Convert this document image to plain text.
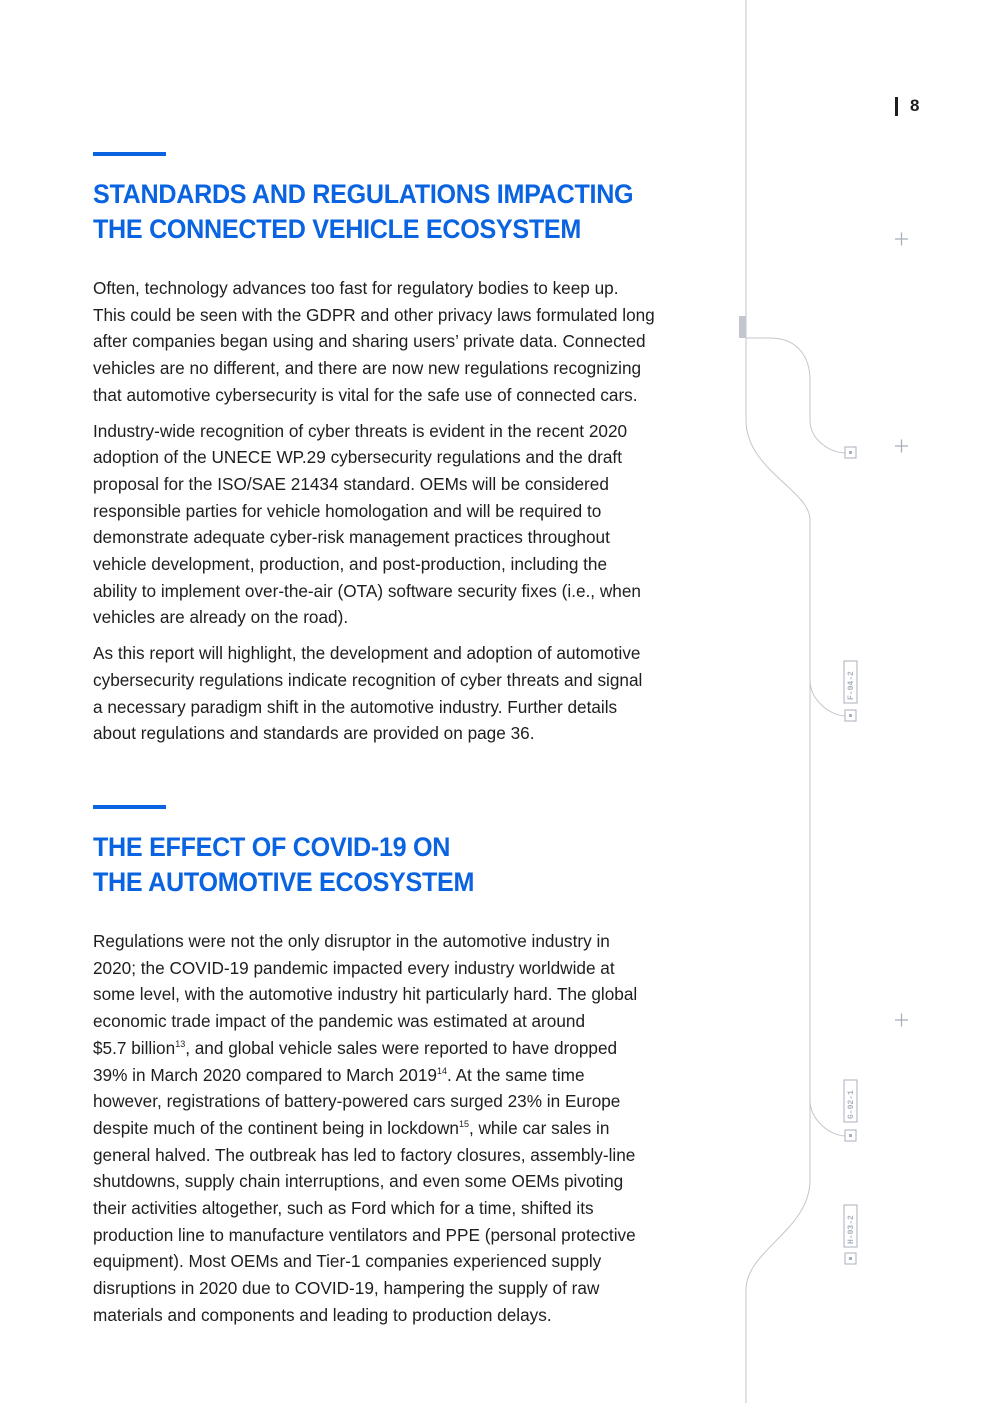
F-04-2
G-02-1
H-03-2
8
STANDARDS AND REGULATIONS IMPACTING
THE CONNECTED VEHICLE ECOSYSTEM

Often, technology advances too fast for regulatory bodies to keep up.
This could be seen with the GDPR and other privacy laws formulated long
after companies began using and sharing users’ private data. Connected
vehicles are no different, and there are now new regulations recognizing
that automotive cybersecurity is vital for the safe use of connected cars.

Industry-wide recognition of cyber threats is evident in the recent 2020
adoption of the UNECE WP.29 cybersecurity regulations and the draft
proposal for the ISO/SAE 21434 standard. OEMs will be considered
responsible parties for vehicle homologation and will be required to
demonstrate adequate cyber-risk management practices throughout
vehicle development, production, and post-production, including the
ability to implement over-the-air (OTA) software security fixes (i.e., when
vehicles are already on the road).

As this report will highlight, the development and adoption of automotive
cybersecurity regulations indicate recognition of cyber threats and signal
a necessary paradigm shift in the automotive industry. Further details
about regulations and standards are provided on page 36.

THE EFFECT OF COVID-19 ON
THE AUTOMOTIVE ECOSYSTEM

Regulations were not the only disruptor in the automotive industry in
2020; the COVID-19 pandemic impacted every industry worldwide at
some level, with the automotive industry hit particularly hard. The global
economic trade impact of the pandemic was estimated at around
$5.7 billion$^{13}$, and global vehicle sales were reported to have dropped
39% in March 2020 compared to March 2019$^{14}$. At the same time
however, registrations of battery-powered cars surged 23% in Europe
despite much of the continent being in lockdown$^{15}$, while car sales in
general halved. The outbreak has led to factory closures, assembly-line
shutdowns, supply chain interruptions, and even some OEMs pivoting
their activities altogether, such as Ford which for a time, shifted its
production line to manufacture ventilators and PPE (personal protective
equipment). Most OEMs and Tier-1 companies experienced supply
disruptions in 2020 due to COVID-19, hampering the supply of raw
materials and components and leading to production delays.
